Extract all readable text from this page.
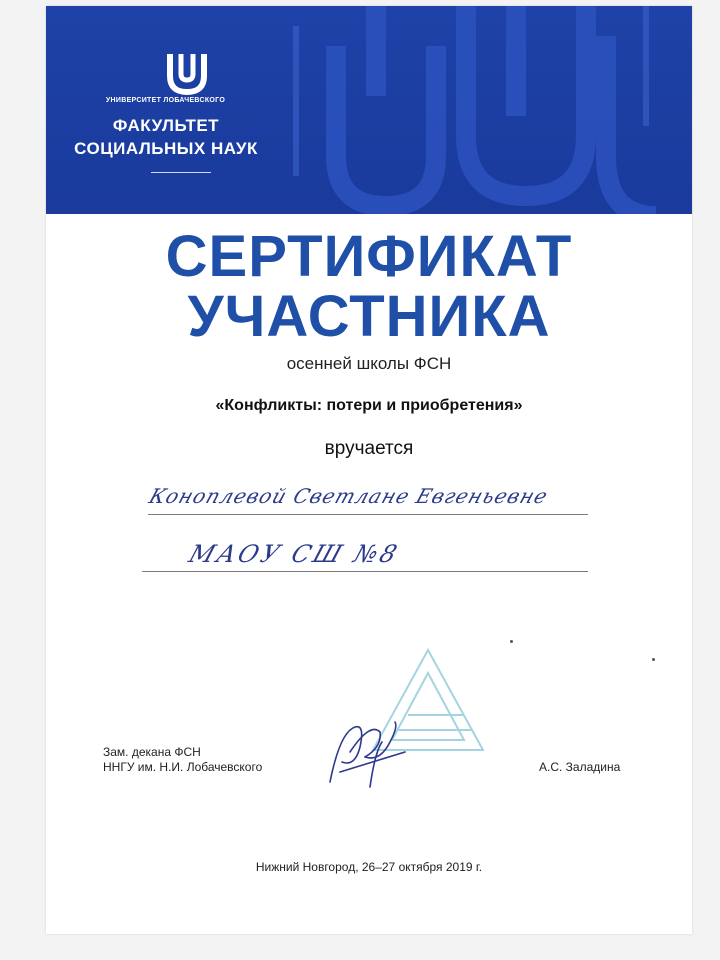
УНИВЕРСИТЕТ ЛОБАЧЕВСКОГО
ФАКУЛЬТЕТ
СОЦИАЛЬНЫХ НАУК
СЕРТИФИКАТ
УЧАСТНИКА
осенней школы ФСН
«Конфликты: потери и приобретения»
вручается
Коноплевой Светлане Евгеньевне
МАОУ СШ №8
Зам. декана ФСН
ННГУ им. Н.И. Лобачевского	А.С. Заладина
Нижний Новгород, 26–27 октября 2019 г.
